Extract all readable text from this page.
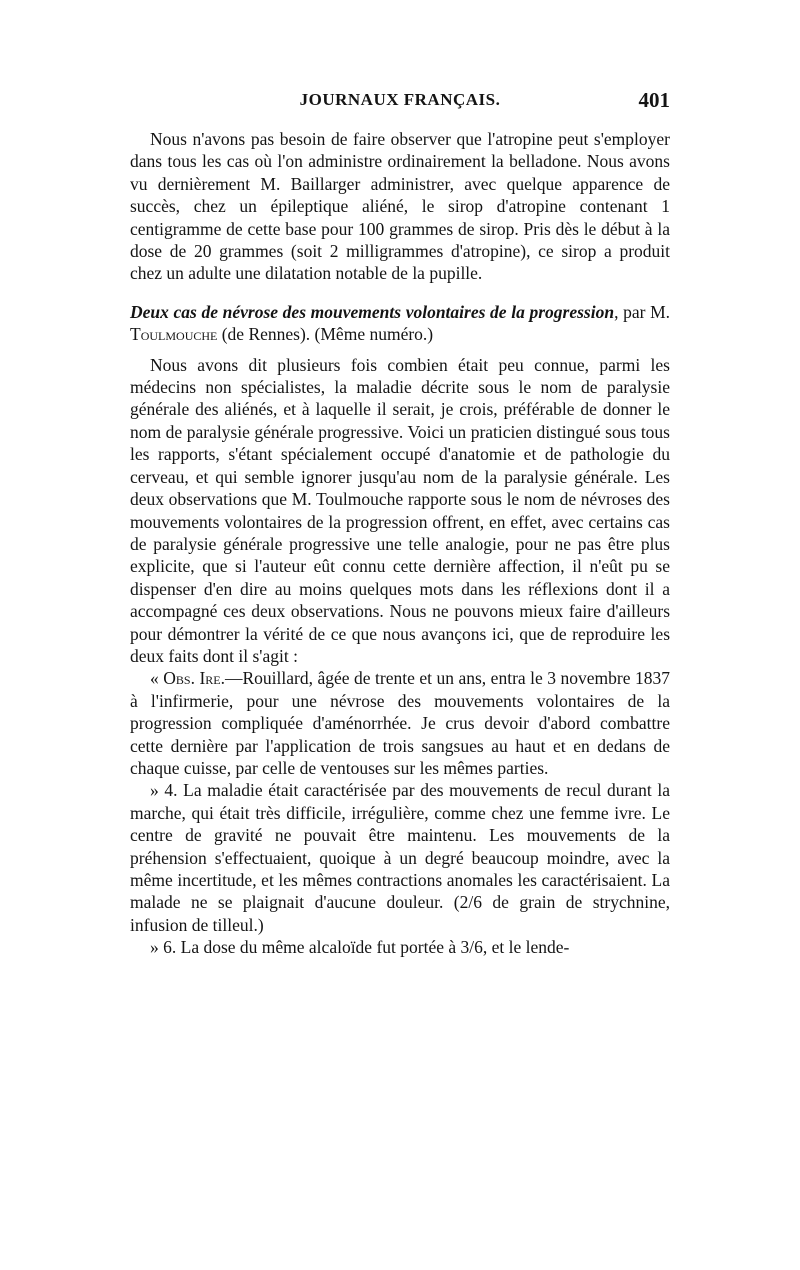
JOURNAUX FRANÇAIS.	401

Nous n'avons pas besoin de faire observer que l'atropine peut s'employer dans tous les cas où l'on administre ordinairement la belladone. Nous avons vu dernièrement M. Baillarger administrer, avec quelque apparence de succès, chez un épileptique aliéné, le sirop d'atropine contenant 1 centigramme de cette base pour 100 grammes de sirop. Pris dès le début à la dose de 20 grammes (soit 2 milligrammes d'atropine), ce sirop a produit chez un adulte une dilatation notable de la pupille.

Deux cas de névrose des mouvements volontaires de la progression, par M. Toulmouche (de Rennes). (Même numéro.)

Nous avons dit plusieurs fois combien était peu connue, parmi les médecins non spécialistes, la maladie décrite sous le nom de paralysie générale des aliénés, et à laquelle il serait, je crois, préférable de donner le nom de paralysie générale progressive. Voici un praticien distingué sous tous les rapports, s'étant spécialement occupé d'anatomie et de pathologie du cerveau, et qui semble ignorer jusqu'au nom de la paralysie générale. Les deux observations que M. Toulmouche rapporte sous le nom de névroses des mouvements volontaires de la progression offrent, en effet, avec certains cas de paralysie générale progressive une telle analogie, pour ne pas être plus explicite, que si l'auteur eût connu cette dernière affection, il n'eût pu se dispenser d'en dire au moins quelques mots dans les réflexions dont il a accompagné ces deux observations. Nous ne pouvons mieux faire d'ailleurs pour démontrer la vérité de ce que nous avançons ici, que de reproduire les deux faits dont il s'agit :

« Obs. Ire.—Rouillard, âgée de trente et un ans, entra le 3 novembre 1837 à l'infirmerie, pour une névrose des mouvements volontaires de la progression compliquée d'aménorrhée. Je crus devoir d'abord combattre cette dernière par l'application de trois sangsues au haut et en dedans de chaque cuisse, par celle de ventouses sur les mêmes parties.

» 4. La maladie était caractérisée par des mouvements de recul durant la marche, qui était très difficile, irrégulière, comme chez une femme ivre. Le centre de gravité ne pouvait être maintenu. Les mouvements de la préhension s'effectuaient, quoique à un degré beaucoup moindre, avec la même incertitude, et les mêmes contractions anomales les caractérisaient. La malade ne se plaignait d'aucune douleur. (2/6 de grain de strychnine, infusion de tilleul.)

» 6. La dose du même alcaloïde fut portée à 3/6, et le lende-
